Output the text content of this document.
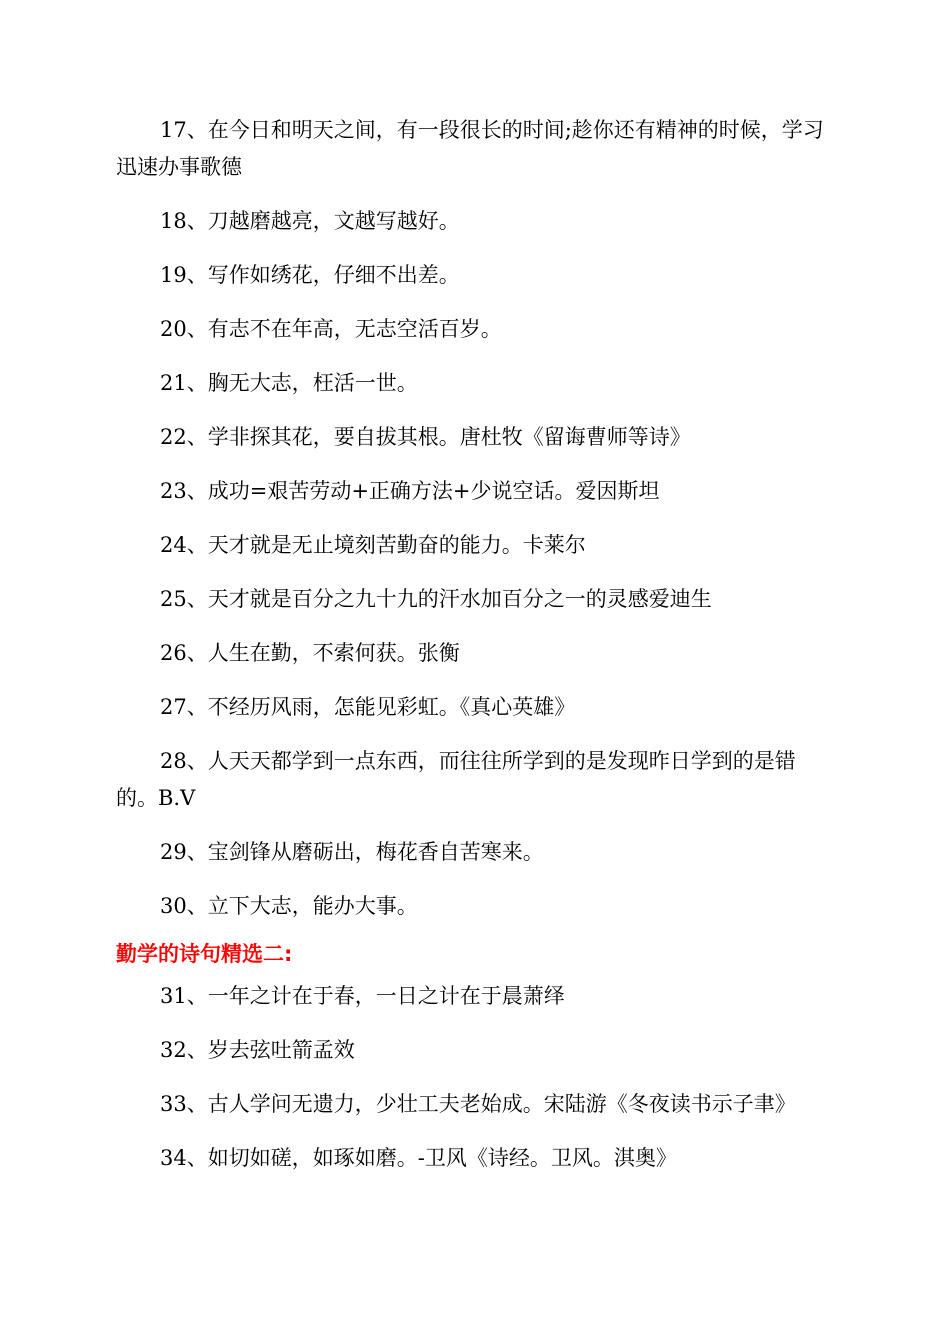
17、在今日和明天之间，有一段很长的时间;趁你还有精神的时候，学习迅速办事歌德

18、刀越磨越亮，文越写越好。

19、写作如绣花，仔细不出差。

20、有志不在年高，无志空活百岁。

21、胸无大志，枉活一世。

22、学非探其花，要自拔其根。唐杜牧《留诲曹师等诗》

23、成功=艰苦劳动+正确方法+少说空话。爱因斯坦

24、天才就是无止境刻苦勤奋的能力。卡莱尔

25、天才就是百分之九十九的汗水加百分之一的灵感爱迪生

26、人生在勤，不索何获。张衡

27、不经历风雨，怎能见彩虹。《真心英雄》

28、人天天都学到一点东西，而往往所学到的是发现昨日学到的是错的。B.V

29、宝剑锋从磨砺出，梅花香自苦寒来。

30、立下大志，能办大事。

勤学的诗句精选二:

31、一年之计在于春，一日之计在于晨萧绎

32、岁去弦吐箭孟效

33、古人学问无遗力，少壮工夫老始成。宋陆游《冬夜读书示子聿》

34、如切如磋，如琢如磨。-卫风《诗经。卫风。淇奥》
